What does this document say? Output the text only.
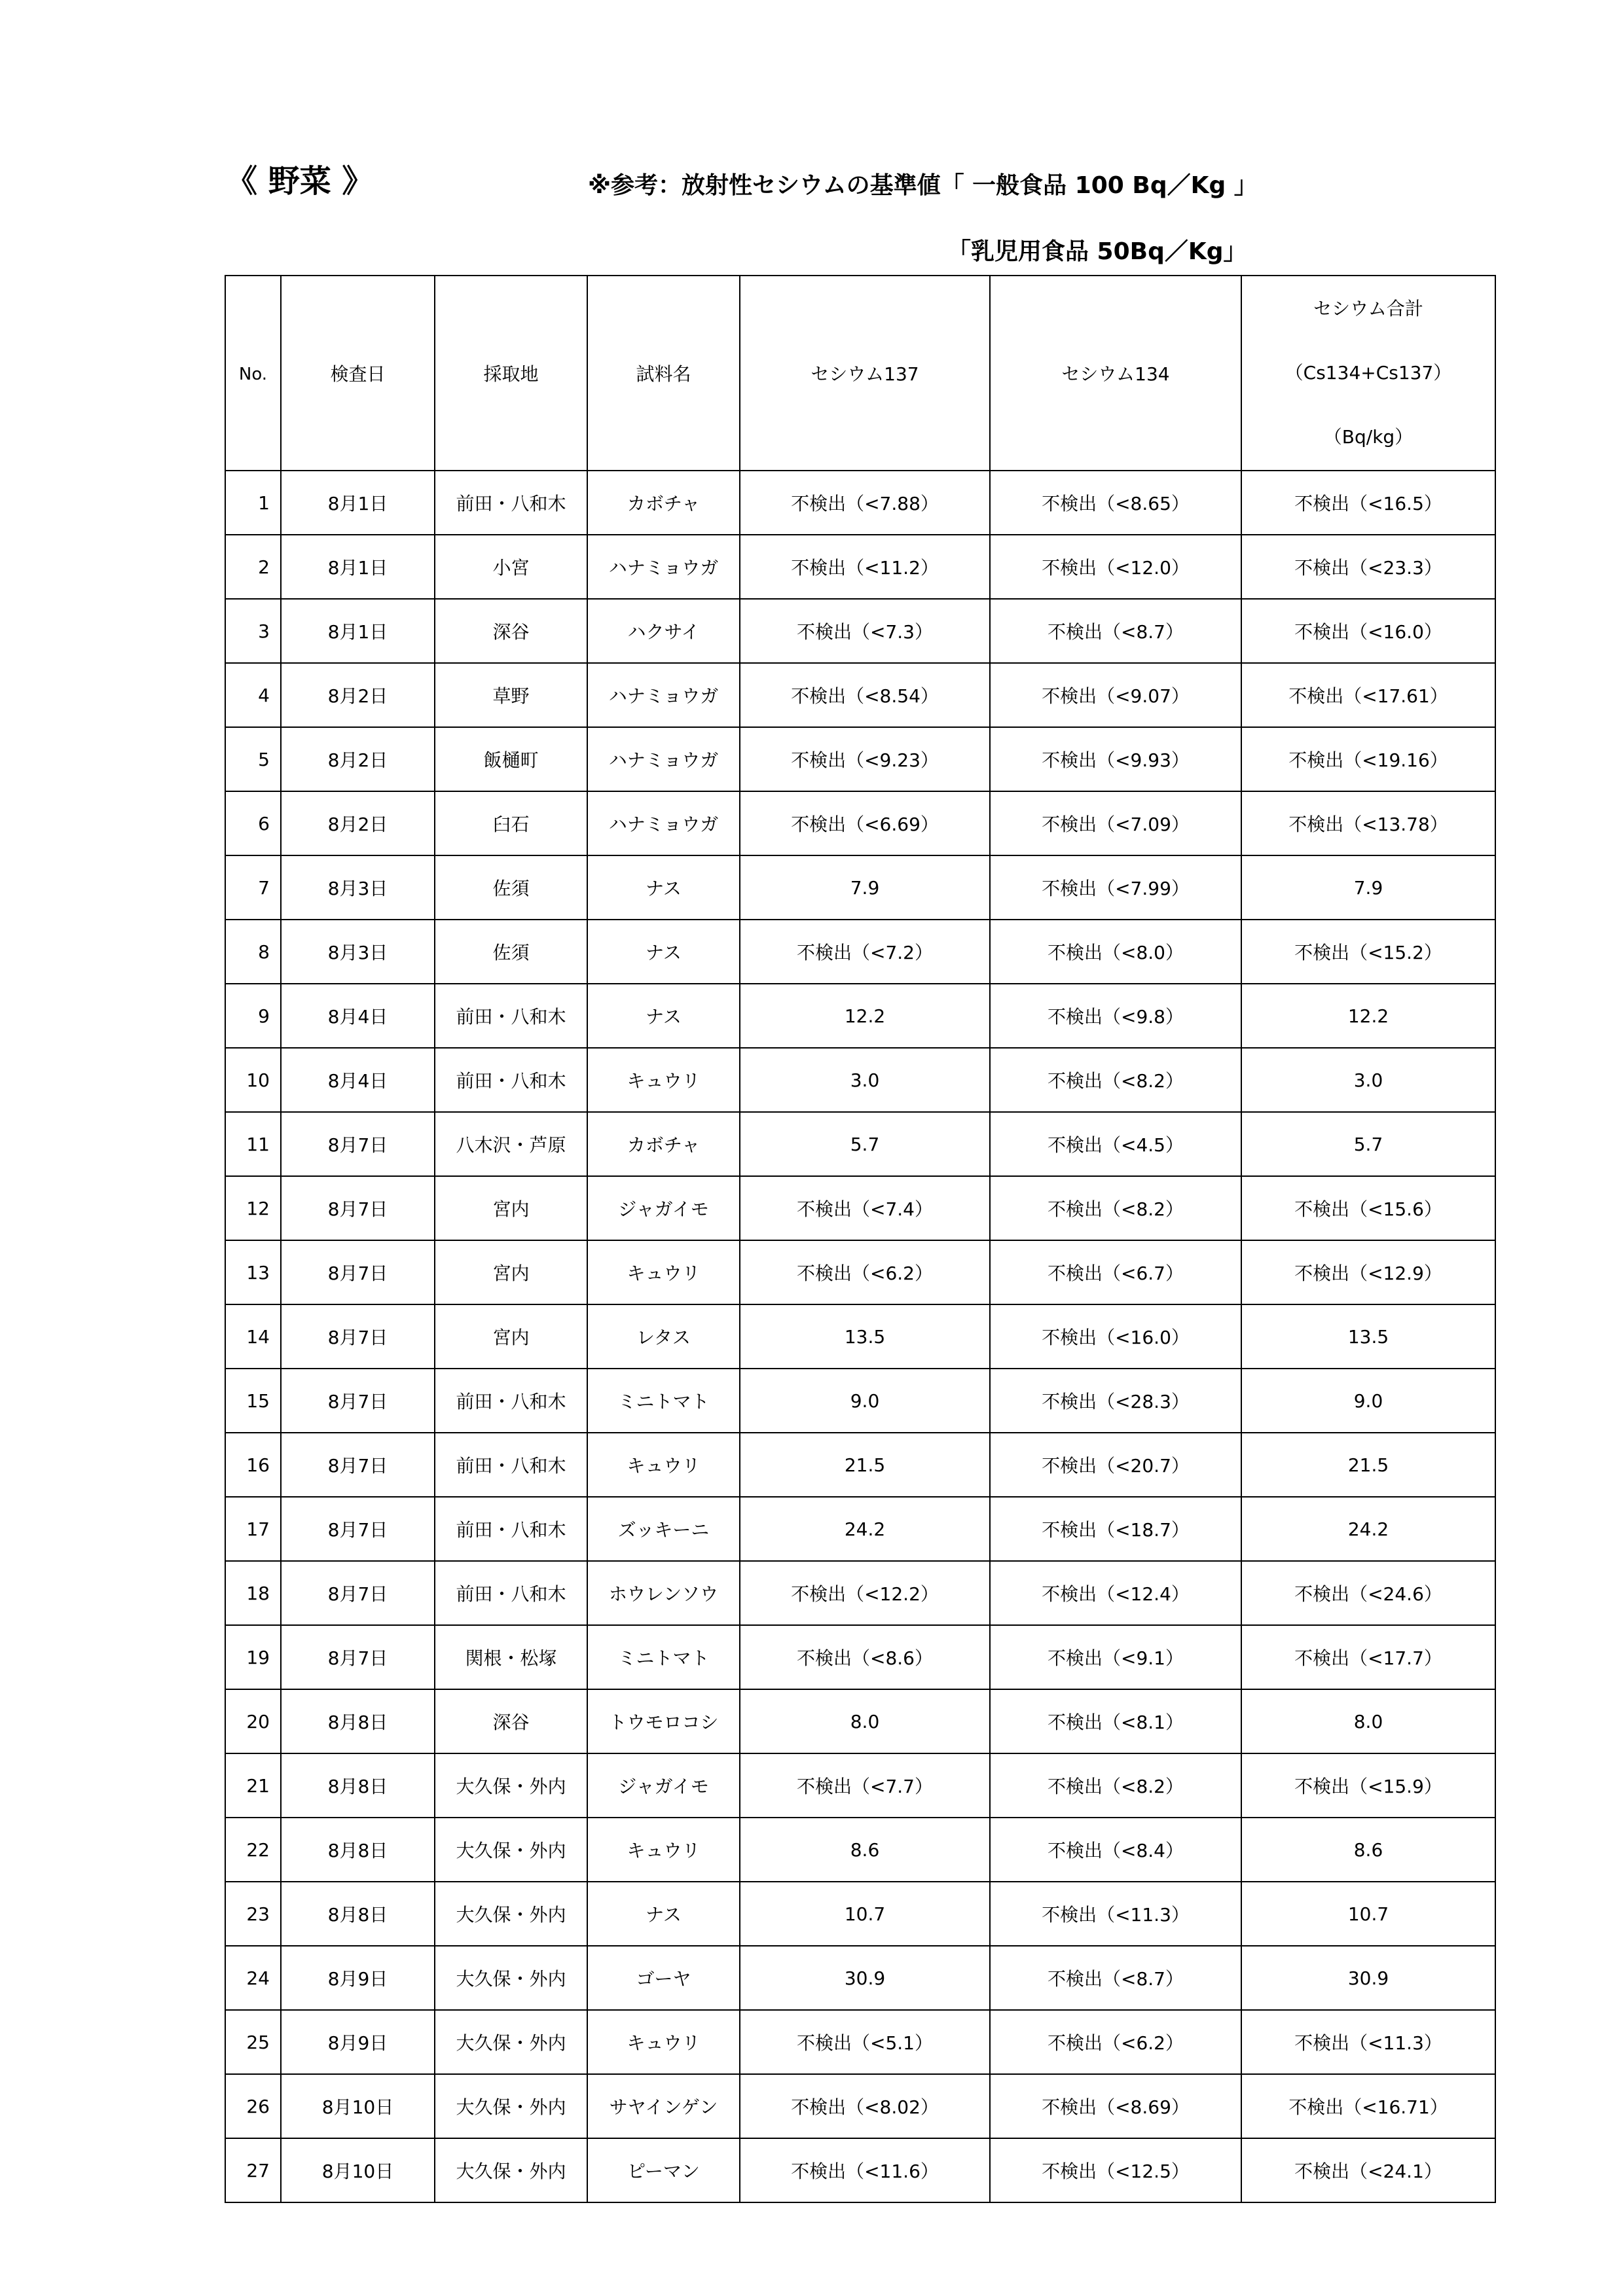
《 野菜 》	※参考：放射性セシウムの基準値「 一般食品 100 Bq／Kg 」
「乳児用食品 50Bq／Kg」
No.	検査日	採取地	試料名	セシウム137	セシウム134	セシウム合計
（Cs134+Cs137）
（Bq/kg）

1	8月1日	前田・八和木	カボチャ	不検出（<7.88）	不検出（<8.65）	不検出（<16.5）
2	8月1日	小宮	ハナミョウガ	不検出（<11.2）	不検出（<12.0）	不検出（<23.3）
3	8月1日	深谷	ハクサイ	不検出（<7.3）	不検出（<8.7）	不検出（<16.0）
4	8月2日	草野	ハナミョウガ	不検出（<8.54）	不検出（<9.07）	不検出（<17.61）
5	8月2日	飯樋町	ハナミョウガ	不検出（<9.23）	不検出（<9.93）	不検出（<19.16）
6	8月2日	臼石	ハナミョウガ	不検出（<6.69）	不検出（<7.09）	不検出（<13.78）
7	8月3日	佐須	ナス	7.9	不検出（<7.99）	7.9
8	8月3日	佐須	ナス	不検出（<7.2）	不検出（<8.0）	不検出（<15.2）
9	8月4日	前田・八和木	ナス	12.2	不検出（<9.8）	12.2
10	8月4日	前田・八和木	キュウリ	3.0	不検出（<8.2）	3.0
11	8月7日	八木沢・芦原	カボチャ	5.7	不検出（<4.5）	5.7
12	8月7日	宮内	ジャガイモ	不検出（<7.4）	不検出（<8.2）	不検出（<15.6）
13	8月7日	宮内	キュウリ	不検出（<6.2）	不検出（<6.7）	不検出（<12.9）
14	8月7日	宮内	レタス	13.5	不検出（<16.0）	13.5
15	8月7日	前田・八和木	ミニトマト	9.0	不検出（<28.3）	9.0
16	8月7日	前田・八和木	キュウリ	21.5	不検出（<20.7）	21.5
17	8月7日	前田・八和木	ズッキーニ	24.2	不検出（<18.7）	24.2
18	8月7日	前田・八和木	ホウレンソウ	不検出（<12.2）	不検出（<12.4）	不検出（<24.6）
19	8月7日	関根・松塚	ミニトマト	不検出（<8.6）	不検出（<9.1）	不検出（<17.7）
20	8月8日	深谷	トウモロコシ	8.0	不検出（<8.1）	8.0
21	8月8日	大久保・外内	ジャガイモ	不検出（<7.7）	不検出（<8.2）	不検出（<15.9）
22	8月8日	大久保・外内	キュウリ	8.6	不検出（<8.4）	8.6
23	8月8日	大久保・外内	ナス	10.7	不検出（<11.3）	10.7
24	8月9日	大久保・外内	ゴーヤ	30.9	不検出（<8.7）	30.9
25	8月9日	大久保・外内	キュウリ	不検出（<5.1）	不検出（<6.2）	不検出（<11.3）
26	8月10日	大久保・外内	サヤインゲン	不検出（<8.02）	不検出（<8.69）	不検出（<16.71）
27	8月10日	大久保・外内	ピーマン	不検出（<11.6）	不検出（<12.5）	不検出（<24.1）
